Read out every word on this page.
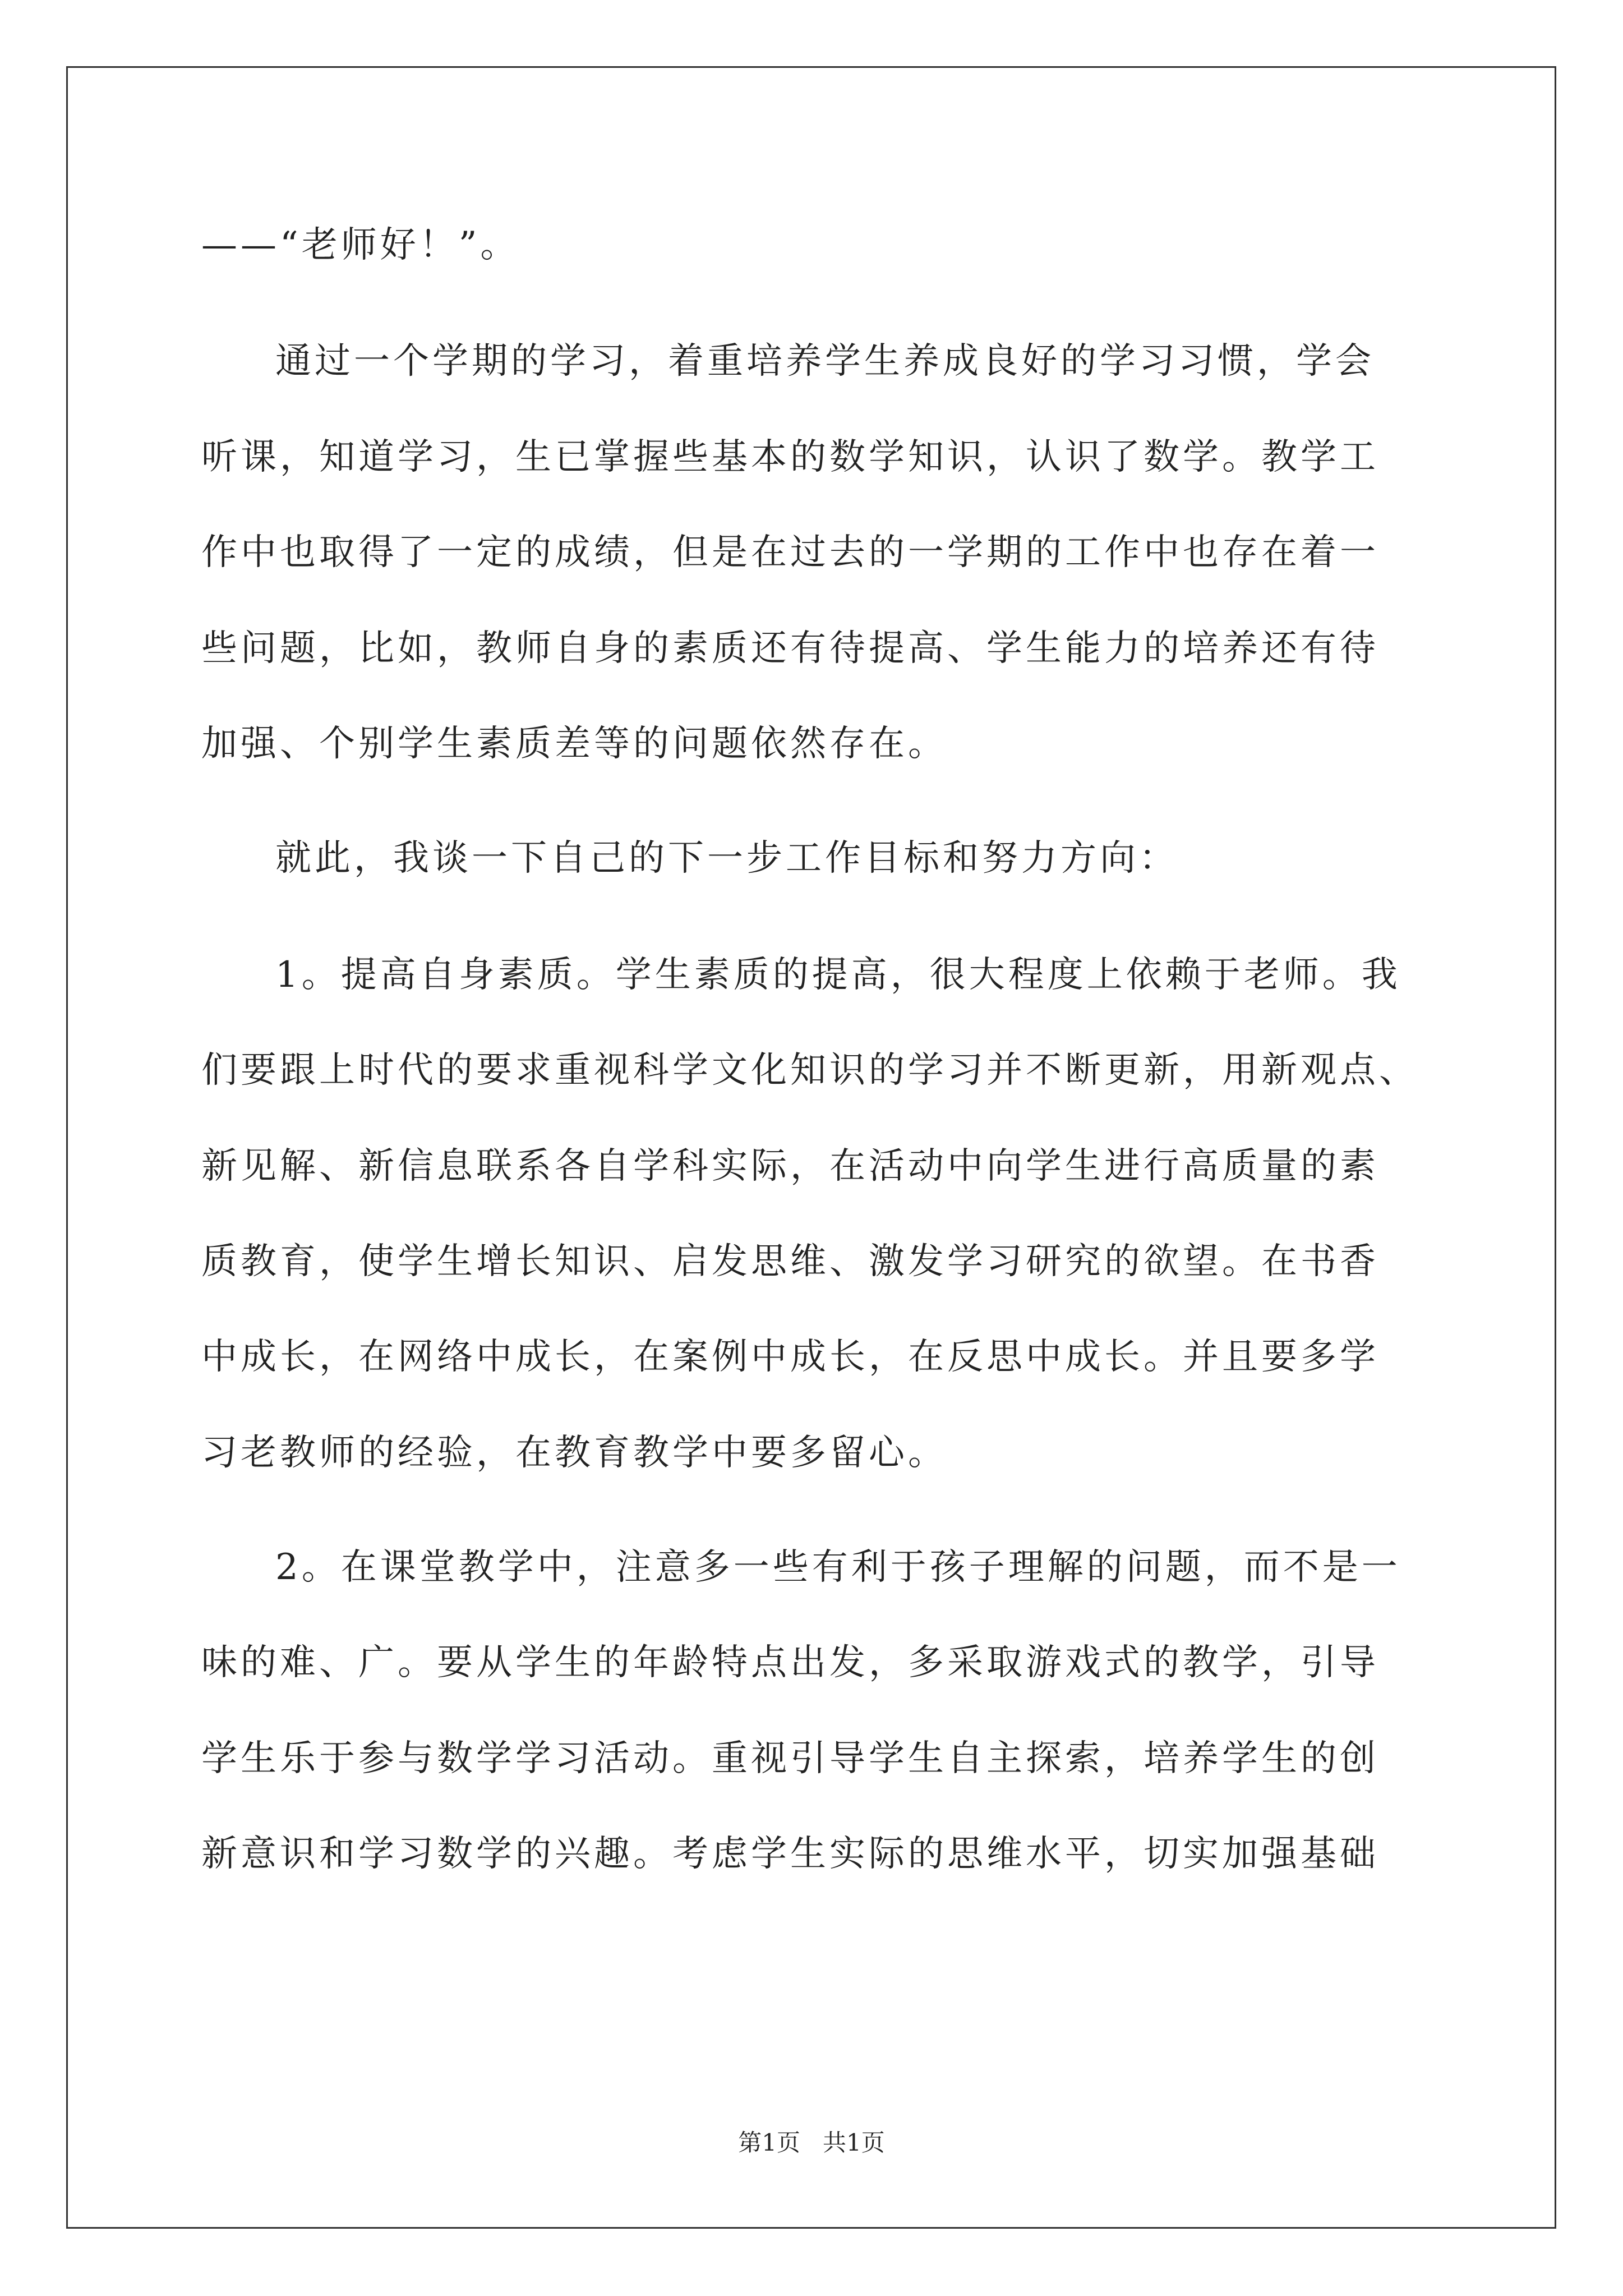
——“老师好！”。
通过一个学期的学习，着重培养学生养成良好的学习习惯，学会
听课，知道学习，生已掌握些基本的数学知识，认识了数学。教学工
作中也取得了一定的成绩，但是在过去的一学期的工作中也存在着一
些问题，比如，教师自身的素质还有待提高、学生能力的培养还有待
加强、个别学生素质差等的问题依然存在。
就此，我谈一下自己的下一步工作目标和努力方向：
1。提高自身素质。学生素质的提高，很大程度上依赖于老师。我
们要跟上时代的要求重视科学文化知识的学习并不断更新，用新观点、
新见解、新信息联系各自学科实际，在活动中向学生进行高质量的素
质教育，使学生增长知识、启发思维、激发学习研究的欲望。在书香
中成长，在网络中成长，在案例中成长，在反思中成长。并且要多学
习老教师的经验，在教育教学中要多留心。
2。在课堂教学中，注意多一些有利于孩子理解的问题，而不是一
味的难、广。要从学生的年龄特点出发，多采取游戏式的教学，引导
学生乐于参与数学学习活动。重视引导学生自主探索，培养学生的创
新意识和学习数学的兴趣。考虑学生实际的思维水平，切实加强基础
第1页   共1页
